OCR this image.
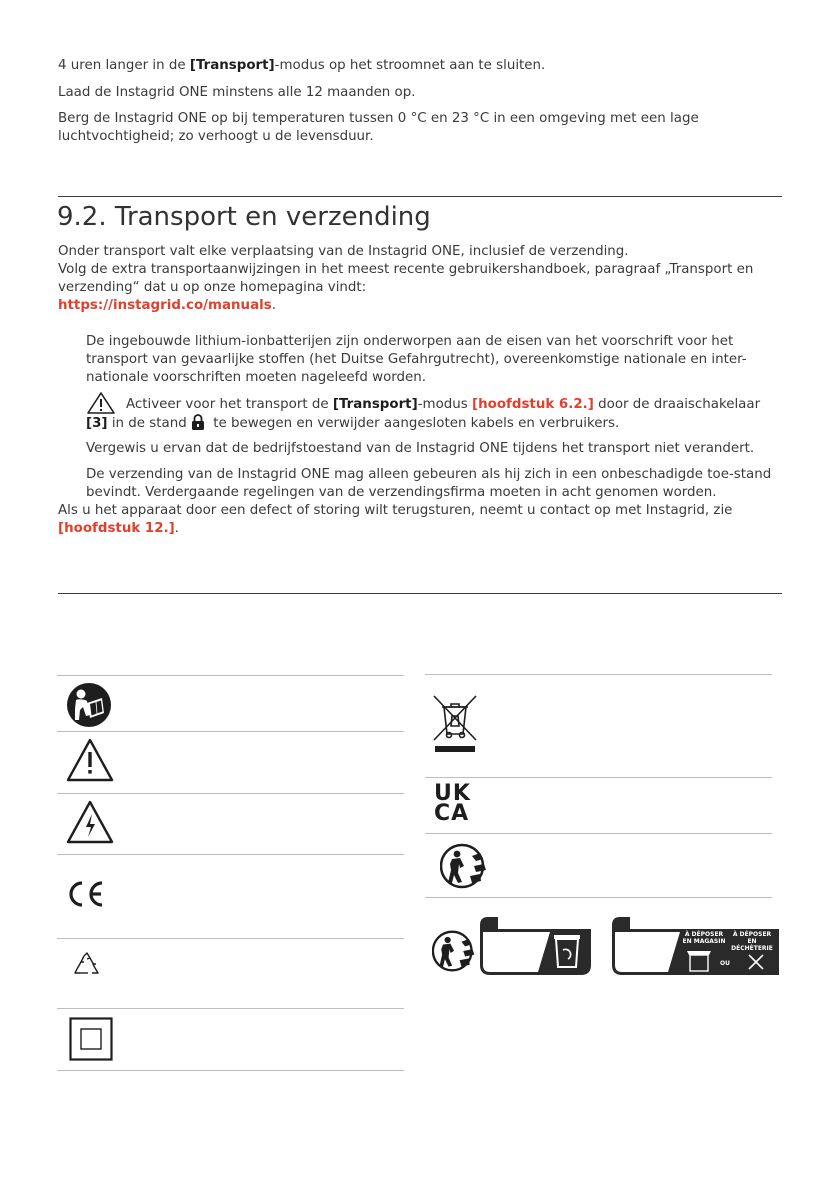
4 uren langer in de [Transport]-modus op het stroomnet aan te sluiten.

Laad de Instagrid ONE minstens alle 12 maanden op.

Berg de Instagrid ONE op bij temperaturen tussen 0 °C en 23 °C in een omgeving met een lage luchtvochtigheid; zo verhoogt u de levensduur.

9.2. Transport en verzending

Onder transport valt elke verplaatsing van de Instagrid ONE, inclusief de verzending.
Volg de extra transportaanwijzingen in het meest recente gebruikershandboek, paragraaf „Transport en verzending“ dat u op onze homepagina vindt:
https://instagrid.co/manuals.

De ingebouwde lithium-ionbatterijen zijn onderworpen aan de eisen van het voorschrift voor het transport van gevaarlijke stoffen (het Duitse Gefahrgutrecht), overeenkomstige nationale en inter-nationale voorschriften moeten nageleefd worden.

Activeer voor het transport de [Transport]-modus [hoofdstuk 6.2.] door de draaischakelaar

[3] in de stand  te bewegen en verwijder aangesloten kabels en verbruikers.

Vergewis u ervan dat de bedrijfstoestand van de Instagrid ONE tijdens het transport niet verandert.

De verzending van de Instagrid ONE mag alleen gebeuren als hij zich in een onbeschadigde toe-stand bevindt. Verdergaande regelingen van de verzendingsfirma moeten in acht genomen worden.

Als u het apparaat door een defect of storing wilt terugsturen, neemt u contact op met Instagrid, zie
[hoofdstuk 12.].

UK
CA
À DÉPOSER EN MAGASIN
À DÉPOSER EN DÉCHÈTERIE
OU
